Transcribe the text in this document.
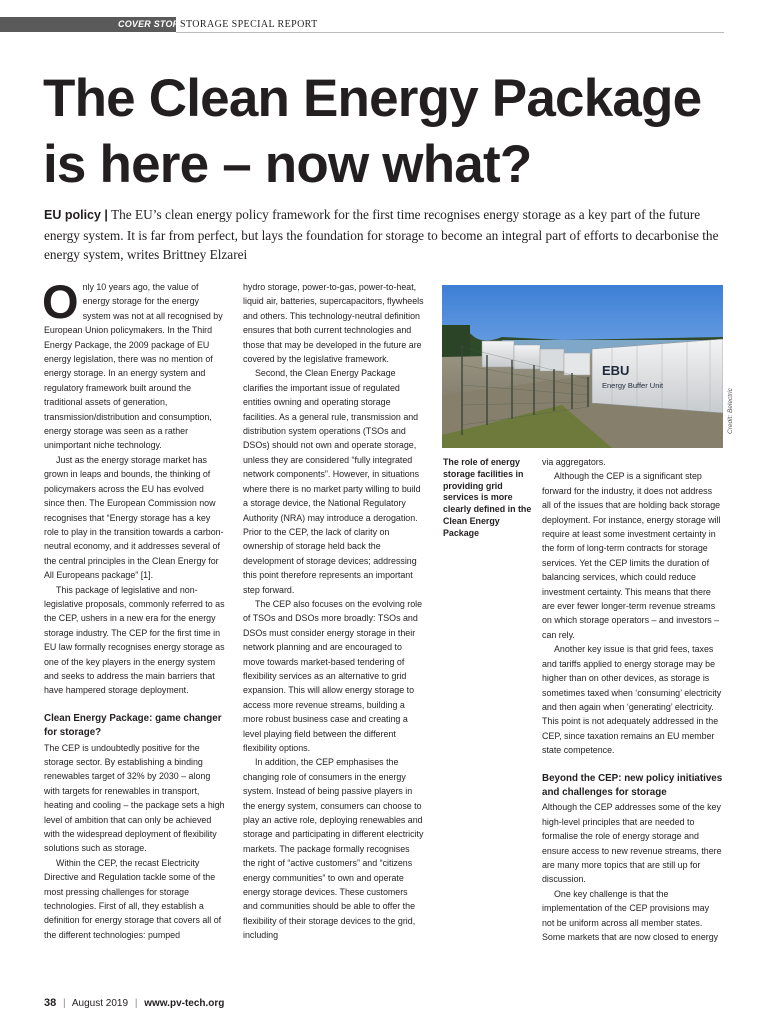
COVER STORY
STORAGE SPECIAL REPORT
The Clean Energy Package
is here – now what?

EU policy | The EU’s clean energy policy framework for the first time recognises energy storage as a key part of the future energy system. It is far from perfect, but lays the foundation for storage to become an integral part of efforts to decarbonise the energy system, writes Brittney Elzarei

Only 10 years ago, the value of energy storage for the energy system was not at all recognised by European Union policymakers. In the Third Energy Package, the 2009 package of EU energy legislation, there was no mention of energy storage. In an energy system and regulatory framework built around the traditional assets of generation, transmission/distribution and consumption, energy storage was seen as a rather unimportant niche technology.

Just as the energy storage market has grown in leaps and bounds, the thinking of policymakers across the EU has evolved since then. The European Commission now recognises that “Energy storage has a key role to play in the transition towards a carbon-neutral economy, and it addresses several of the central principles in the Clean Energy for All Europeans package” [1].

This package of legislative and non-legislative proposals, commonly referred to as the CEP, ushers in a new era for the energy storage industry. The CEP for the first time in EU law formally recognises energy storage as one of the key players in the energy system and seeks to address the main barriers that have hampered storage deployment.

Clean Energy Package: game changer for storage?

The CEP is undoubtedly positive for the storage sector. By establishing a binding renewables target of 32% by 2030 – along with targets for renewables in transport, heating and cooling – the package sets a high level of ambition that can only be achieved with the widespread deployment of flexibility solutions such as storage.

Within the CEP, the recast Electricity Directive and Regulation tackle some of the most pressing challenges for storage technologies. First of all, they establish a definition for energy storage that covers all of the different technologies: pumped

hydro storage, power-to-gas, power-to-heat, liquid air, batteries, supercapacitors, flywheels and others. This technology-neutral definition ensures that both current technologies and those that may be developed in the future are covered by the legislative framework.

Second, the Clean Energy Package clarifies the important issue of regulated entities owning and operating storage facilities. As a general rule, transmission and distribution system operations (TSOs and DSOs) should not own and operate storage, unless they are considered “fully integrated network components”. However, in situations where there is no market party willing to build a storage device, the National Regulatory Authority (NRA) may introduce a derogation. Prior to the CEP, the lack of clarity on ownership of storage held back the development of storage devices; addressing this point therefore represents an important step forward.

The CEP also focuses on the evolving role of TSOs and DSOs more broadly: TSOs and DSOs must consider energy storage in their network planning and are encouraged to move towards market-based tendering of flexibility services as an alternative to grid expansion. This will allow energy storage to access more revenue streams, building a more robust business case and creating a level playing field between the different flexibility options.

In addition, the CEP emphasises the changing role of consumers in the energy system. Instead of being passive players in the energy system, consumers can choose to play an active role, deploying renewables and storage and participating in different electricity markets. The package formally recognises the right of “active customers” and “citizens energy communities” to own and operate energy storage devices. These customers and communities should be able to offer the flexibility of their storage devices to the grid, including

EBU
Energy Buffer Unit
Credit: Belectric
The role of energy storage facilities in providing grid services is more clearly defined in the Clean Energy Package

via aggregators.

Although the CEP is a significant step forward for the industry, it does not address all of the issues that are holding back storage deployment. For instance, energy storage will require at least some investment certainty in the form of long-term contracts for storage services. Yet the CEP limits the duration of balancing services, which could reduce investment certainty. This means that there are ever fewer longer-term revenue streams on which storage operators – and investors – can rely.

Another key issue is that grid fees, taxes and tariffs applied to energy storage may be higher than on other devices, as storage is sometimes taxed when ‘consuming’ electricity and then again when ‘generating’ electricity. This point is not adequately addressed in the CEP, since taxation remains an EU member state competence.

Beyond the CEP: new policy initiatives and challenges for storage

Although the CEP addresses some of the key high-level principles that are needed to formalise the role of energy storage and ensure access to new revenue streams, there are many more topics that are still up for discussion.

One key challenge is that the implementation of the CEP provisions may not be uniform across all member states. Some markets that are now closed to energy

38 | August 2019 | www.pv-tech.org
